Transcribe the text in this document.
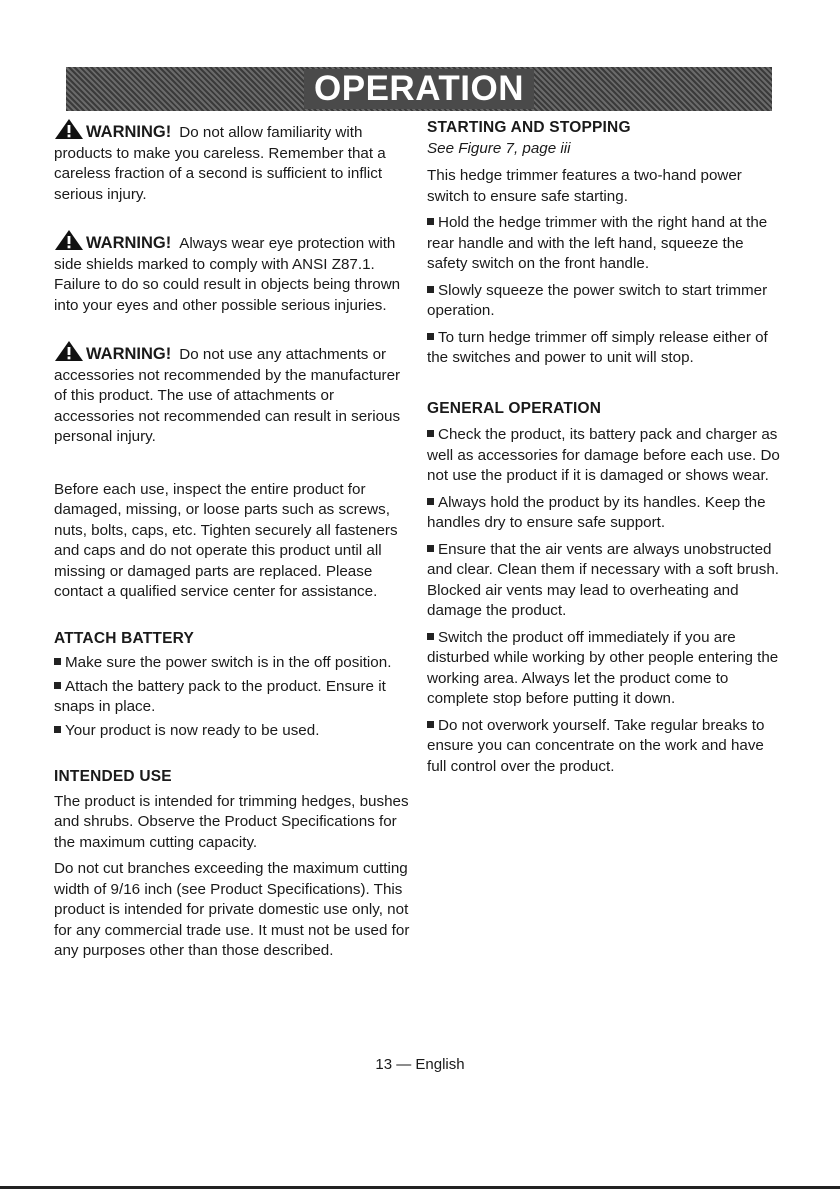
OPERATION
WARNING! Do not allow familiarity with products to make you careless. Remember that a careless fraction of a second is sufficient to inflict serious injury.
WARNING! Always wear eye protection with side shields marked to comply with ANSI Z87.1. Failure to do so could result in objects being thrown into your eyes and other possible serious injuries.
WARNING! Do not use any attachments or accessories not recommended by the manufacturer of this product. The use of attachments or accessories not recommended can result in serious personal injury.

Before each use, inspect the entire product for damaged, missing, or loose parts such as screws, nuts, bolts, caps, etc. Tighten securely all fasteners and caps and do not operate this product until all missing or damaged parts are replaced. Please contact a qualified service center for assistance.

ATTACH BATTERY
Make sure the power switch is in the off position.
Attach the battery pack to the product. Ensure it snaps in place.
Your product is now ready to be used.
INTENDED USE

The product is intended for trimming hedges, bushes and shrubs. Observe the Product Specifications for the maximum cutting capacity.

Do not cut branches exceeding the maximum cutting width of 9/16 inch (see Product Specifications). This product is intended for private domestic use only, not for any commercial trade use. It must not be used for any purposes other than those described.

STARTING AND STOPPING
See Figure 7, page iii

This hedge trimmer features a two-hand power switch to ensure safe starting.

Hold the hedge trimmer with the right hand at the rear handle and with the left hand, squeeze the safety switch on the front handle.
Slowly squeeze the power switch to start trimmer operation.
To turn hedge trimmer off simply release either of the switches and power to unit will stop.
GENERAL OPERATION
Check the product, its battery pack and charger as well as accessories for damage before each use. Do not use the product if it is damaged or shows wear.
Always hold the product by its handles. Keep the handles dry to ensure safe support.
Ensure that the air vents are always unobstructed and clear. Clean them if necessary with a soft brush. Blocked air vents may lead to overheating and damage the product.
Switch the product off immediately if you are disturbed while working by other people entering the working area. Always let the product come to complete stop before putting it down.
Do not overwork yourself. Take regular breaks to ensure you can concentrate on the work and have full control over the product.
13 — English
